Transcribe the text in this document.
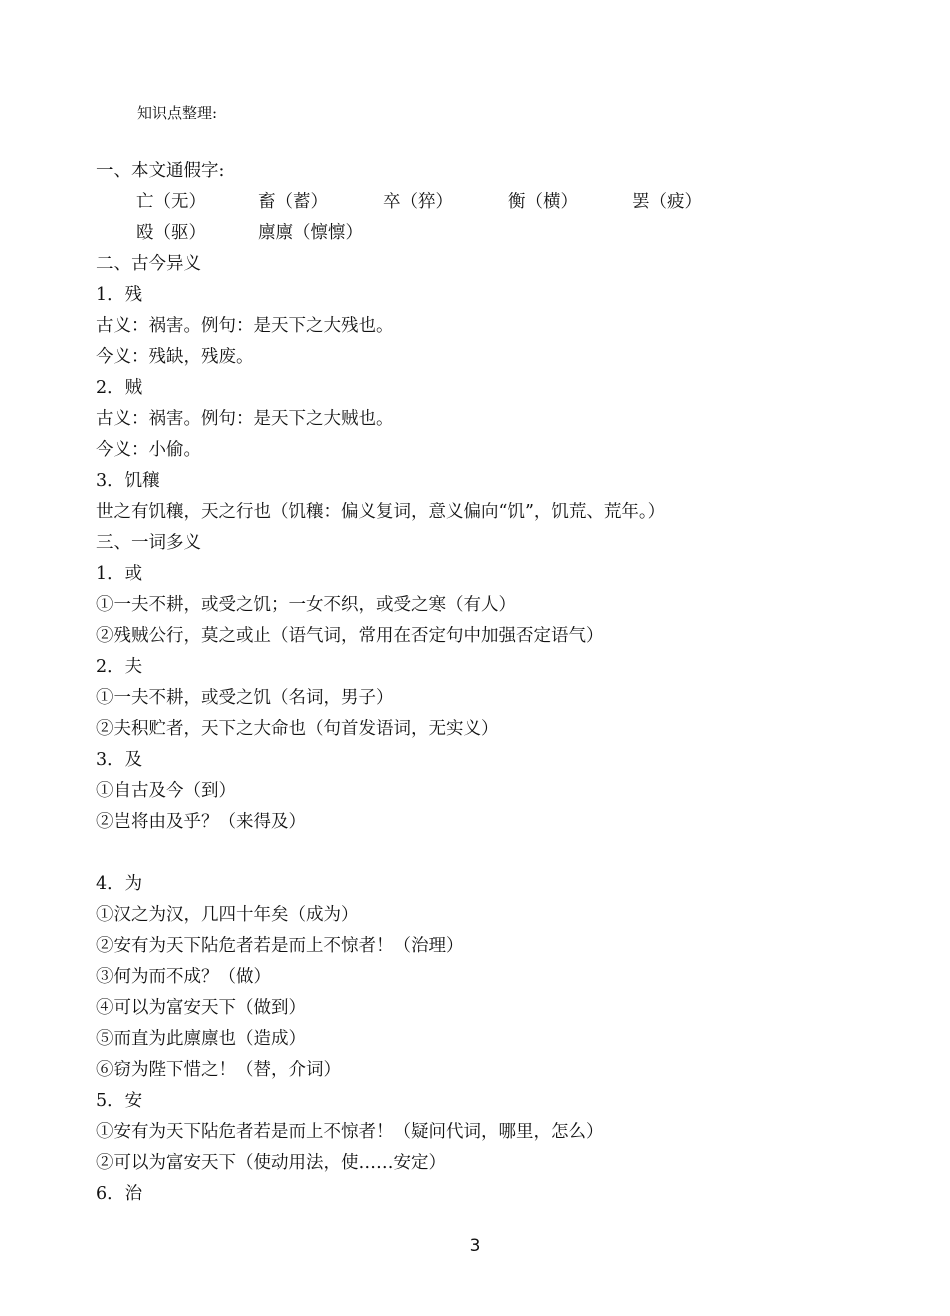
知识点整理:
一、本文通假字:
亡（无）	畜（蓄）	卒（猝）	衡（横）	罢（疲）
殴（驱）	廪廪（懔懔）
二、古今异义
1．残
古义：祸害。例句：是天下之大残也。
今义：残缺，残废。
2．贼
古义：祸害。例句：是天下之大贼也。
今义：小偷。
3．饥穰
世之有饥穰，天之行也（饥穰：偏义复词，意义偏向“饥”，饥荒、荒年。）
三、一词多义
1．或
①一夫不耕，或受之饥；一女不织，或受之寒（有人）
②残贼公行，莫之或止（语气词，常用在否定句中加强否定语气）
2．夫
①一夫不耕，或受之饥（名词，男子）
②夫积贮者，天下之大命也（句首发语词，无实义）
3．及
①自古及今（到）
②岂将由及乎？（来得及）
4．为
①汉之为汉，几四十年矣（成为）
②安有为天下阽危者若是而上不惊者！（治理）
③何为而不成？（做）
④可以为富安天下（做到）
⑤而直为此廪廪也（造成）
⑥窃为陛下惜之！（替，介词）
5．安
①安有为天下阽危者若是而上不惊者！（疑问代词，哪里，怎么）
②可以为富安天下（使动用法，使……安定）
6．治
3
